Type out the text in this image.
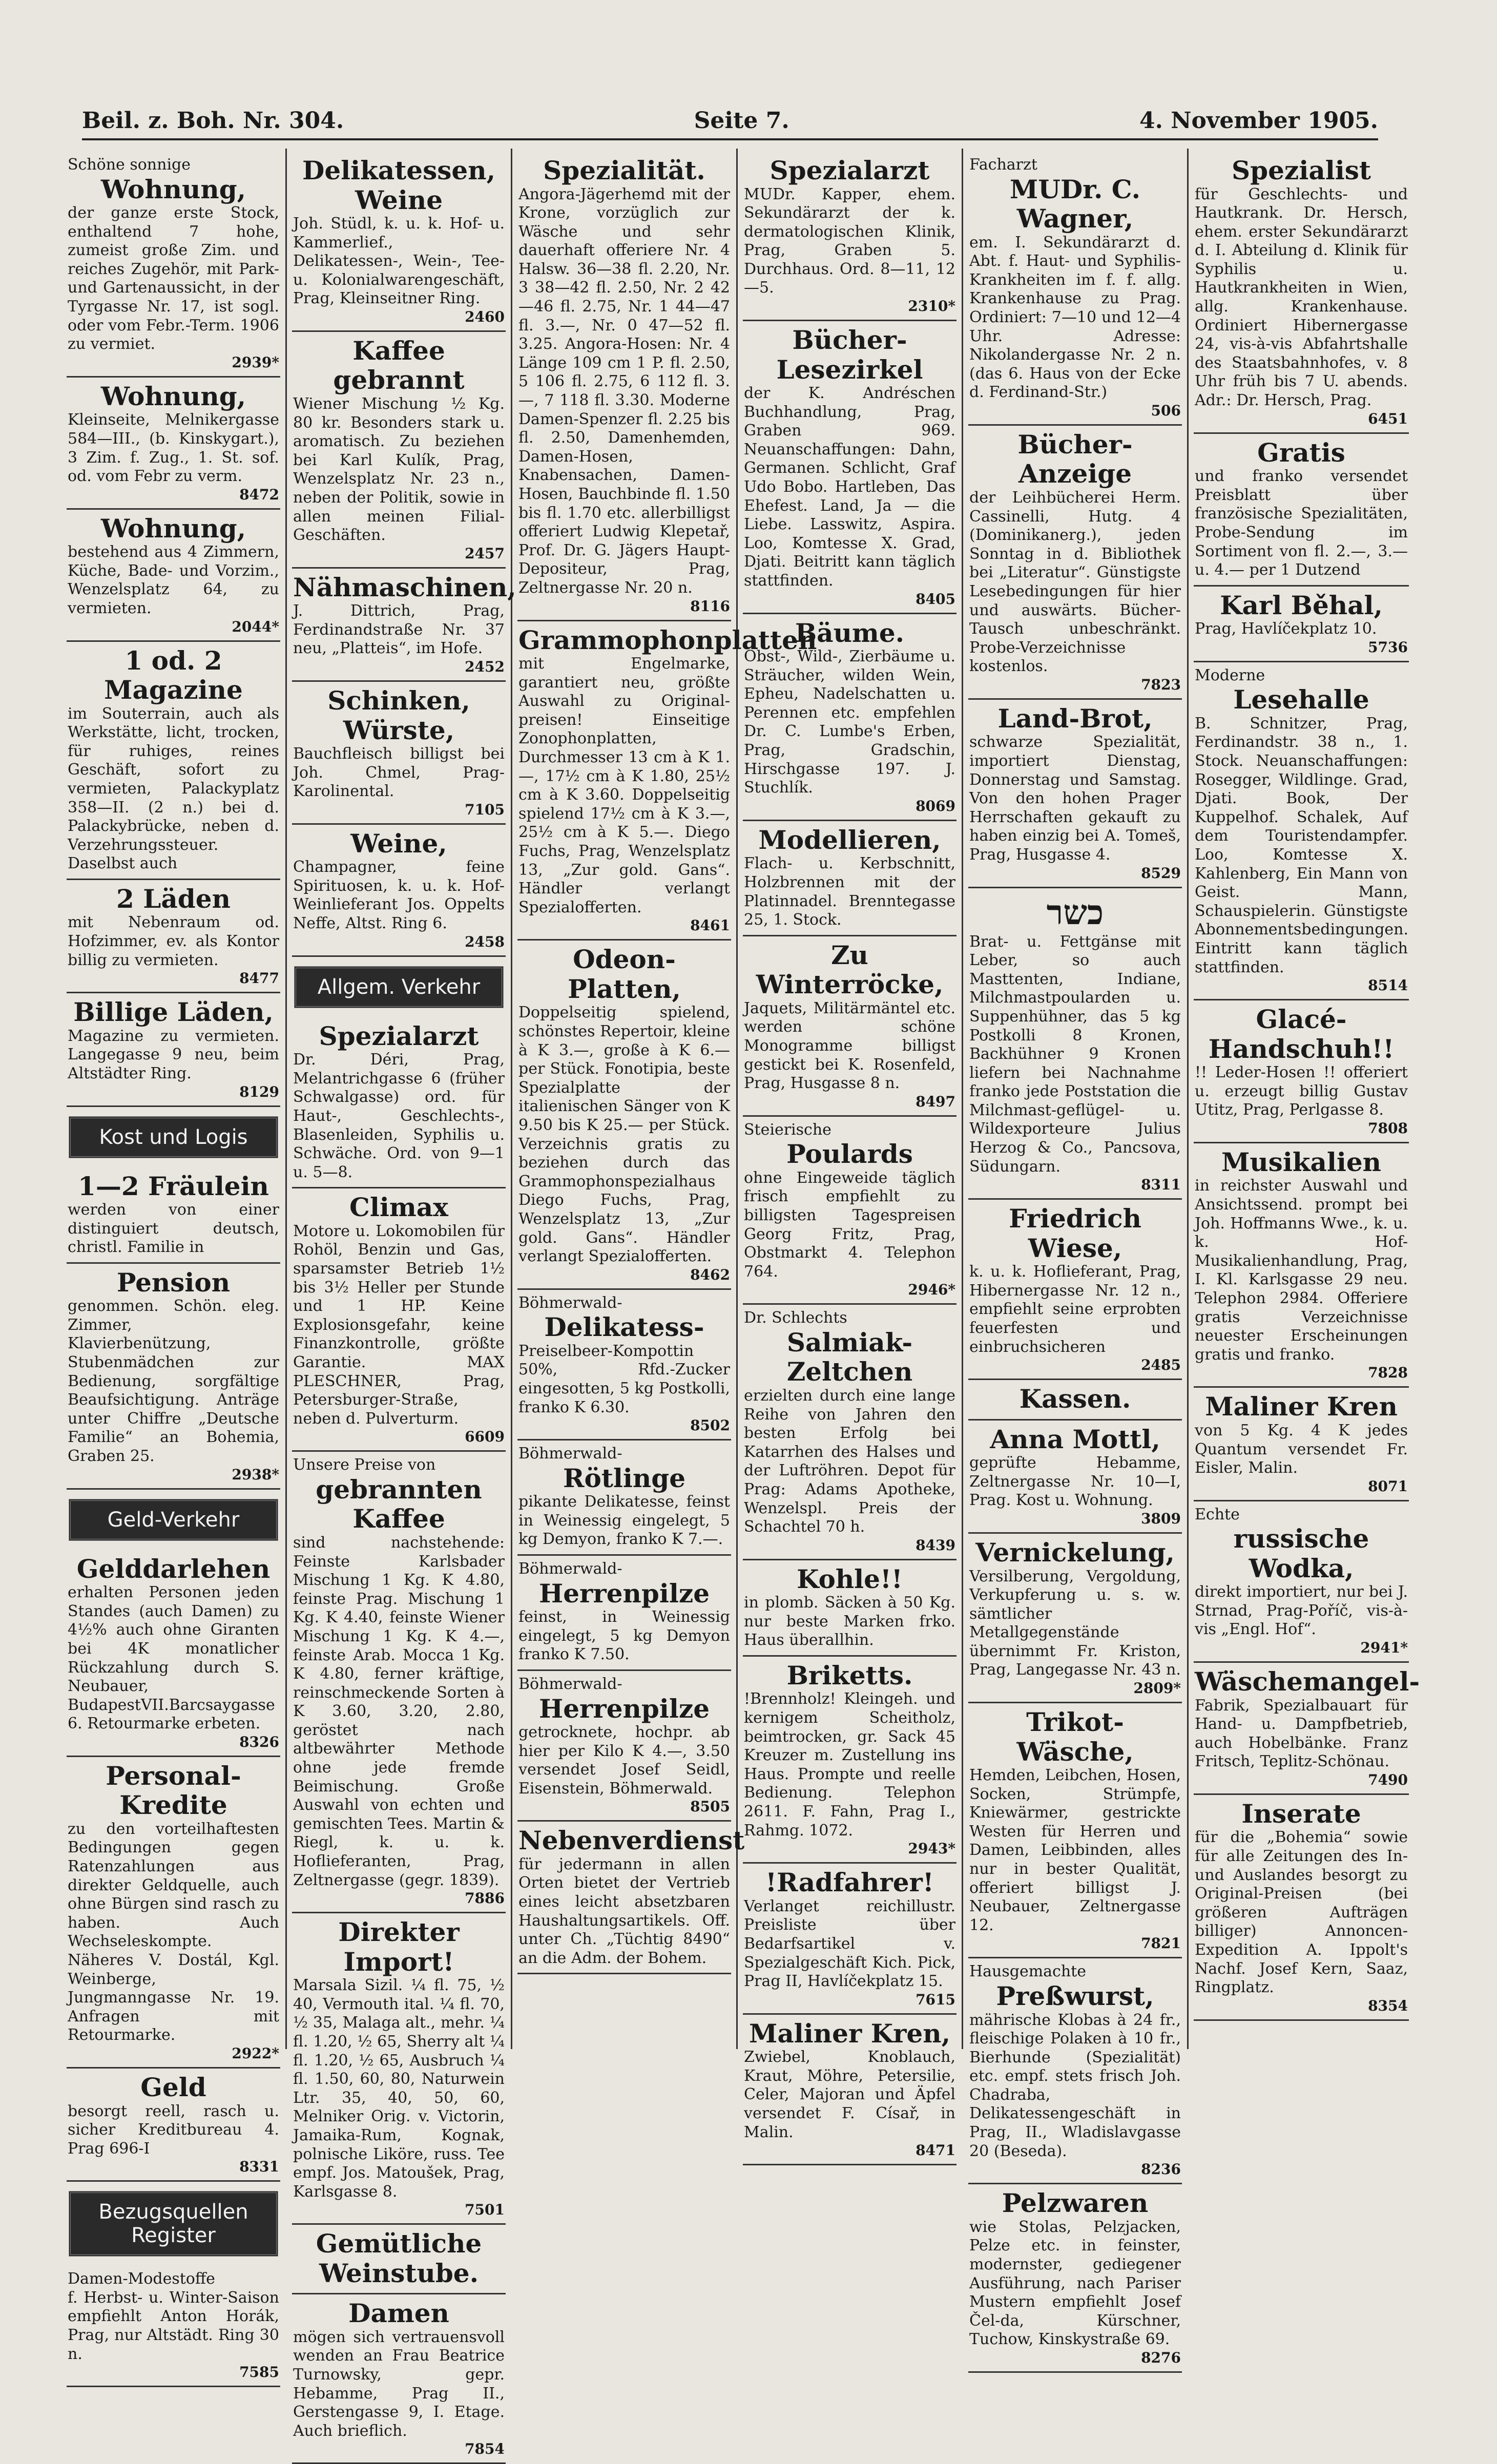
Beil. z. Boh. Nr. 304.	Seite 7.	4. November 1905.
Schöne sonnige
Wohnung,
der ganze erste Stock, enthaltend 7 hohe, zumeist große Zim. und reiches Zugehör, mit Park- und Gartenaussicht, in der Tyrgasse Nr. 17, ist sogl. oder vom Febr.-Term. 1906 zu vermiet.
2939*
Wohnung,
Kleinseite, Melnikergasse 584—III., (b. Kinskygart.), 3 Zim. f. Zug., 1. St. sof. od. vom Febr zu verm.
8472
Wohnung,
bestehend aus 4 Zimmern, Küche, Bade- und Vorzim., Wenzelsplatz 64, zu vermieten.
2044*
1 od. 2 Magazine
im Souterrain, auch als Werkstätte, licht, trocken, für ruhiges, reines Geschäft, sofort zu vermieten, Palackyplatz 358—II. (2 n.) bei d. Palackybrücke, neben d. Verzehrungssteuer. Daselbst auch
2 Läden
mit Nebenraum od. Hofzimmer, ev. als Kontor billig zu vermieten.
8477
Billige Läden,
Magazine zu vermieten. Langegasse 9 neu, beim Altstädter Ring.
8129
Kost und Logis
1—2 Fräulein
werden von einer distinguiert deutsch, christl. Familie in
Pension
genommen. Schön. eleg. Zimmer, Klavierbenützung, Stubenmädchen zur Bedienung, sorgfältige Beaufsichtigung. Anträge unter Chiffre „Deutsche Familie“ an Bohemia, Graben 25.
2938*
Geld-Verkehr
Gelddarlehen
erhalten Personen jeden Standes (auch Damen) zu 4½% auch ohne Giranten bei 4K monatlicher Rückzahlung durch S. Neubauer, BudapestVII.Barcsaygasse 6. Retourmarke erbeten.
8326
Personal-Kredite
zu den vorteilhaftesten Bedingungen gegen Ratenzahlungen aus direkter Geldquelle, auch ohne Bürgen sind rasch zu haben. Auch Wechseleskompte. Näheres V. Dostál, Kgl. Weinberge, Jungmanngasse Nr. 19. Anfragen mit Retourmarke.
2922*
Geld
besorgt reell, rasch u. sicher Kreditbureau 4. Prag 696-I
8331
Bezugsquellen Register
Damen-Modestoffe
f. Herbst- u. Winter-Saison empfiehlt Anton Horák, Prag, nur Altstädt. Ring 30 n.
7585
Delikatessen, Weine
Joh. Stüdl, k. u. k. Hof- u. Kammerlief., Delikatessen-, Wein-, Tee- u. Kolonialwarengeschäft, Prag, Kleinseitner Ring.
2460
Kaffee gebrannt
Wiener Mischung ½ Kg. 80 kr. Besonders stark u. aromatisch. Zu beziehen bei Karl Kulík, Prag, Wenzelsplatz Nr. 23 n., neben der Politik, sowie in allen meinen Filial-Geschäften.
2457
Nähmaschinen,
J. Dittrich, Prag, Ferdinandstraße Nr. 37 neu, „Platteis“, im Hofe.
2452
Schinken, Würste,
Bauchfleisch billigst bei Joh. Chmel, Prag-Karolinental.
7105
Weine,
Champagner, feine Spirituosen, k. u. k. Hof-Weinlieferant Jos. Oppelts Neffe, Altst. Ring 6.
2458
Allgem. Verkehr
Spezialarzt
Dr. Déri, Prag, Melantrichgasse 6 (früher Schwalgasse) ord. für Haut-, Geschlechts-, Blasenleiden, Syphilis u. Schwäche. Ord. von 9—1 u. 5—8.
Climax
Motore u. Lokomobilen für Rohöl, Benzin und Gas, sparsamster Betrieb 1½ bis 3½ Heller per Stunde und 1 HP. Keine Explosionsgefahr, keine Finanzkontrolle, größte Garantie. MAX PLESCHNER, Prag, Petersburger-Straße, neben d. Pulverturm.
6609
Unsere Preise von
gebrannten Kaffee
sind nachstehende: Feinste Karlsbader Mischung 1 Kg. K 4.80, feinste Prag. Mischung 1 Kg. K 4.40, feinste Wiener Mischung 1 Kg. K 4.—, feinste Arab. Mocca 1 Kg. K 4.80, ferner kräftige, reinschmeckende Sorten à K 3.60, 3.20, 2.80, geröstet nach altbewährter Methode ohne jede fremde Beimischung. Große Auswahl von echten und gemischten Tees. Martin & Riegl, k. u. k. Hoflieferanten, Prag, Zeltnergasse (gegr. 1839).
7886
Direkter Import!
Marsala Sizil. ¼ fl. 75, ½ 40, Vermouth ital. ¼ fl. 70, ½ 35, Malaga alt., mehr. ¼ fl. 1.20, ½ 65, Sherry alt ¼ fl. 1.20, ½ 65, Ausbruch ¼ fl. 1.50, 60, 80, Naturwein Ltr. 35, 40, 50, 60, Melniker Orig. v. Victorin, Jamaika-Rum, Kognak, polnische Liköre, russ. Tee empf. Jos. Matoušek, Prag, Karlsgasse 8.
7501
Gemütliche Weinstube.
Damen
mögen sich vertrauensvoll wenden an Frau Beatrice Turnowsky, gepr. Hebamme, Prag II., Gerstengasse 9, I. Etage. Auch brieflich.
7854
Spezialität.
Angora-Jägerhemd mit der Krone, vorzüglich zur Wäsche und sehr dauerhaft offeriere Nr. 4 Halsw. 36—38 fl. 2.20, Nr. 3 38—42 fl. 2.50, Nr. 2 42—46 fl. 2.75, Nr. 1 44—47 fl. 3.—, Nr. 0 47—52 fl. 3.25. Angora-Hosen: Nr. 4 Länge 109 cm 1 P. fl. 2.50, 5 106 fl. 2.75, 6 112 fl. 3.—, 7 118 fl. 3.30. Moderne Damen-Spenzer fl. 2.25 bis fl. 2.50, Damenhemden, Damen-Hosen, Knabensachen, Damen-Hosen, Bauchbinde fl. 1.50 bis fl. 1.70 etc. allerbilligst offeriert Ludwig Klepetař, Prof. Dr. G. Jägers Haupt-Depositeur, Prag, Zeltnergasse Nr. 20 n.
8116
Grammophonplatten
mit Engelmarke, garantiert neu, größte Auswahl zu Original-preisen! Einseitige Zonophonplatten, Durchmesser 13 cm à K 1.—, 17½ cm à K 1.80, 25½ cm à K 3.60. Doppelseitig spielend 17½ cm à K 3.—, 25½ cm à K 5.—. Diego Fuchs, Prag, Wenzelsplatz 13, „Zur gold. Gans“. Händler verlangt Spezialofferten.
8461
Odeon-Platten,
Doppelseitig spielend, schönstes Repertoir, kleine à K 3.—, große à K 6.— per Stück. Fonotipia, beste Spezialplatte der italienischen Sänger von K 9.50 bis K 25.— per Stück. Verzeichnis gratis zu beziehen durch das Grammophonspezialhaus Diego Fuchs, Prag, Wenzelsplatz 13, „Zur gold. Gans“. Händler verlangt Spezialofferten.
8462
Böhmerwald-
Delikatess-
Preiselbeer-Kompottin 50%, Rfd.-Zucker eingesotten, 5 kg Postkolli, franko K 6.30.
8502
Böhmerwald-
Rötlinge
pikante Delikatesse, feinst in Weinessig eingelegt, 5 kg Demyon, franko K 7.—.
Böhmerwald-
Herrenpilze
feinst, in Weinessig eingelegt, 5 kg Demyon franko K 7.50.
Böhmerwald-
Herrenpilze
getrocknete, hochpr. ab hier per Kilo K 4.—, 3.50 versendet Josef Seidl, Eisenstein, Böhmerwald.
8505
Nebenverdienst
für jedermann in allen Orten bietet der Vertrieb eines leicht absetzbaren Haushaltungsartikels. Off. unter Ch. „Tüchtig 8490“ an die Adm. der Bohem.
Spezialarzt
MUDr. Kapper, ehem. Sekundärarzt der k. dermatologischen Klinik, Prag, Graben 5. Durchhaus. Ord. 8—11, 12—5.
2310*
Bücher-Lesezirkel
der K. Andréschen Buchhandlung, Prag, Graben 969. Neuanschaffungen: Dahn, Germanen. Schlicht, Graf Udo Bobo. Hartleben, Das Ehefest. Land, Ja — die Liebe. Lasswitz, Aspira. Loo, Komtesse X. Grad, Djati. Beitritt kann täglich stattfinden.
8405
Bäume.
Obst-, Wild-, Zierbäume u. Sträucher, wilden Wein, Epheu, Nadelschatten u. Perennen etc. empfehlen Dr. C. Lumbe's Erben, Prag, Gradschin, Hirschgasse 197. J. Stuchlík.
8069
Modellieren,
Flach- u. Kerbschnitt, Holzbrennen mit der Platinnadel. Brenntegasse 25, 1. Stock.
Zu Winterröcke,
Jaquets, Militärmäntel etc. werden schöne Monogramme billigst gestickt bei K. Rosenfeld, Prag, Husgasse 8 n.
8497
Steierische
Poulards
ohne Eingeweide täglich frisch empfiehlt zu billigsten Tagespreisen Georg Fritz, Prag, Obstmarkt 4. Telephon 764.
2946*
Dr. Schlechts
Salmiak-Zeltchen
erzielten durch eine lange Reihe von Jahren den besten Erfolg bei Katarrhen des Halses und der Luftröhren. Depot für Prag: Adams Apotheke, Wenzelspl. Preis der Schachtel 70 h.
8439
Kohle!!
in plomb. Säcken à 50 Kg. nur beste Marken frko. Haus überallhin.
Briketts.
!Brennholz! Kleingeh. und kernigem Scheitholz, beimtrocken, gr. Sack 45 Kreuzer m. Zustellung ins Haus. Prompte und reelle Bedienung. Telephon 2611. F. Fahn, Prag I., Rahmg. 1072.
2943*
!Radfahrer!
Verlanget reichillustr. Preisliste über Bedarfsartikel v. Spezialgeschäft Kich. Pick, Prag II, Havlíčekplatz 15.
7615
Maliner Kren,
Zwiebel, Knoblauch, Kraut, Möhre, Petersilie, Celer, Majoran und Äpfel versendet F. Císař, in Malin.
8471
Facharzt
MUDr. C. Wagner,
em. I. Sekundärarzt d. Abt. f. Haut- und Syphilis-Krankheiten im f. f. allg. Krankenhause zu Prag. Ordiniert: 7—10 und 12—4 Uhr. Adresse: Nikolandergasse Nr. 2 n. (das 6. Haus von der Ecke d. Ferdinand-Str.)
506
Bücher-Anzeige
der Leihbücherei Herm. Cassinelli, Hutg. 4 (Dominikanerg.), jeden Sonntag in d. Bibliothek bei „Literatur“. Günstigste Lesebedingungen für hier und auswärts. Bücher-Tausch unbeschränkt. Probe-Verzeichnisse kostenlos.
7823
Land-Brot,
schwarze Spezialität, importiert Dienstag, Donnerstag und Samstag. Von den hohen Prager Herrschaften gekauft zu haben einzig bei A. Tomeš, Prag, Husgasse 4.
8529
כשר
Brat- u. Fettgänse mit Leber, so auch Masttenten, Indiane, Milchmastpoularden u. Suppenhühner, das 5 kg Postkolli 8 Kronen, Backhühner 9 Kronen liefern bei Nachnahme franko jede Poststation die Milchmast-geflügel- u. Wildexporteure Julius Herzog & Co., Pancsova, Südungarn.
8311
Friedrich Wiese,
k. u. k. Hoflieferant, Prag, Hibernergasse Nr. 12 n., empfiehlt seine erprobten feuerfesten und einbruchsicheren
2485
Kassen.
Anna Mottl,
geprüfte Hebamme, Zeltnergasse Nr. 10—I, Prag. Kost u. Wohnung.
3809
Vernickelung,
Versilberung, Vergoldung, Verkupferung u. s. w. sämtlicher Metallgegenstände übernimmt Fr. Kriston, Prag, Langegasse Nr. 43 n.
2809*
Trikot-Wäsche,
Hemden, Leibchen, Hosen, Socken, Strümpfe, Kniewärmer, gestrickte Westen für Herren und Damen, Leibbinden, alles nur in bester Qualität, offeriert billigst J. Neubauer, Zeltnergasse 12.
7821
Hausgemachte
Preßwurst,
mährische Klobas à 24 fr., fleischige Polaken à 10 fr., Bierhunde (Spezialität) etc. empf. stets frisch Joh. Chadraba, Delikatessengeschäft in Prag, II., Wladislavgasse 20 (Beseda).
8236
Pelzwaren
wie Stolas, Pelzjacken, Pelze etc. in feinster, modernster, gediegener Ausführung, nach Pariser Mustern empfiehlt Josef Čel-da, Kürschner, Tuchow, Kinskystraße 69.
8276
Spezialist
für Geschlechts- und Hautkrank. Dr. Hersch, ehem. erster Sekundärarzt d. I. Abteilung d. Klinik für Syphilis u. Hautkrankheiten in Wien, allg. Krankenhause. Ordiniert Hibernergasse 24, vis-à-vis Abfahrtshalle des Staatsbahnhofes, v. 8 Uhr früh bis 7 U. abends. Adr.: Dr. Hersch, Prag.
6451
Gratis
und franko versendet Preisblatt über französische Spezialitäten, Probe-Sendung im Sortiment von fl. 2.—, 3.— u. 4.— per 1 Dutzend
Karl Běhal,
Prag, Havlíčekplatz 10.
5736
Moderne
Lesehalle
B. Schnitzer, Prag, Ferdinandstr. 38 n., 1. Stock. Neuanschaffungen: Rosegger, Wildlinge. Grad, Djati. Book, Der Kuppelhof. Schalek, Auf dem Touristendampfer. Loo, Komtesse X. Kahlenberg, Ein Mann von Geist. Mann, Schauspielerin. Günstigste Abonnementsbedingungen. Eintritt kann täglich stattfinden.
8514
Glacé-Handschuh!!
!! Leder-Hosen !! offeriert u. erzeugt billig Gustav Utitz, Prag, Perlgasse 8.
7808
Musikalien
in reichster Auswahl und Ansichtssend. prompt bei Joh. Hoffmanns Wwe., k. u. k. Hof-Musikalienhandlung, Prag, I. Kl. Karlsgasse 29 neu. Telephon 2984. Offeriere gratis Verzeichnisse neuester Erscheinungen gratis und franko.
7828
Maliner Kren
von 5 Kg. 4 K jedes Quantum versendet Fr. Eisler, Malin.
8071
Echte
russische Wodka,
direkt importiert, nur bei J. Strnad, Prag-Poříč, vis-à-vis „Engl. Hof“.
2941*
Wäschemangel-
Fabrik, Spezialbauart für Hand- u. Dampfbetrieb, auch Hobelbänke. Franz Fritsch, Teplitz-Schönau.
7490
Inserate
für die „Bohemia“ sowie für alle Zeitungen des In- und Auslandes besorgt zu Original-Preisen (bei größeren Aufträgen billiger) Annoncen-Expedition A. Ippolt's Nachf. Josef Kern, Saaz, Ringplatz.
8354
